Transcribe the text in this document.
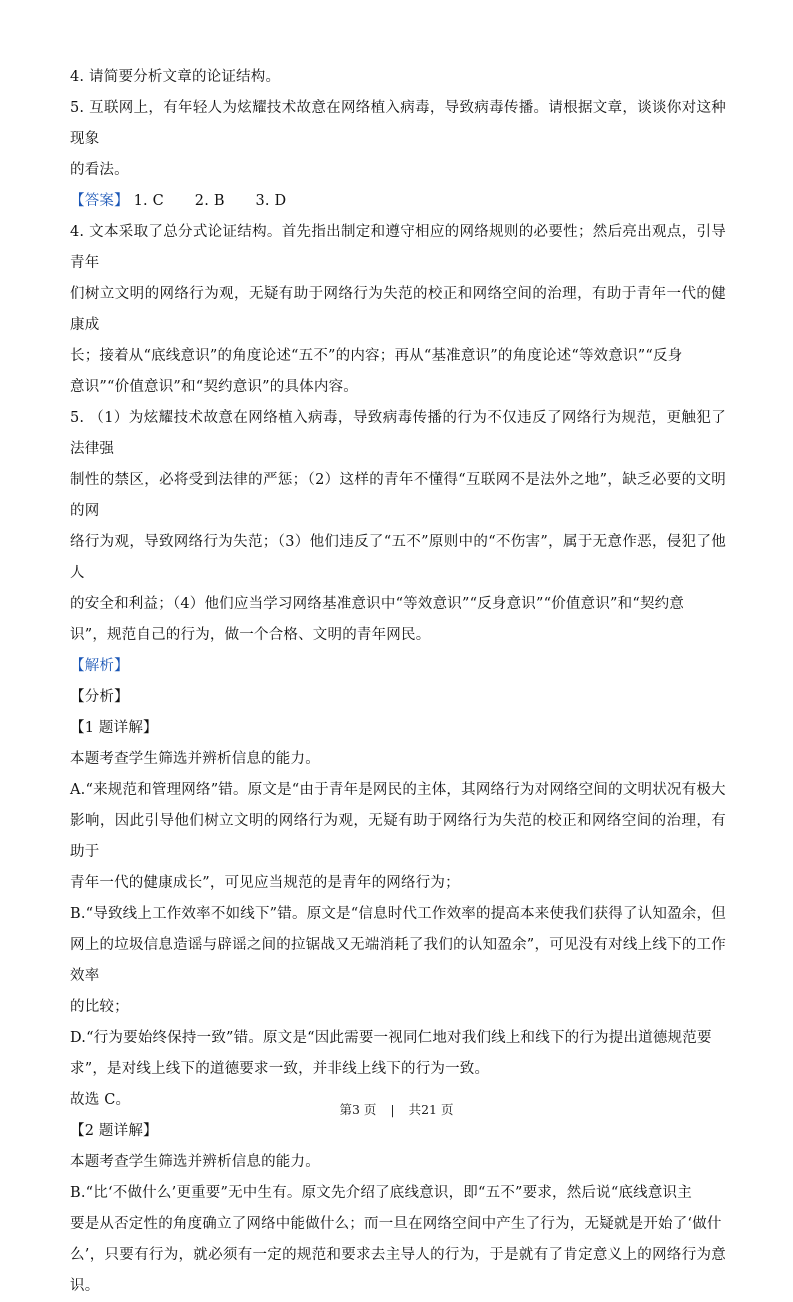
4. 请简要分析文章的论证结构。

5. 互联网上，有年轻人为炫耀技术故意在网络植入病毒，导致病毒传播。请根据文章，谈谈你对这种现象

的看法。

【答案】 1. C 2. B 3. D

4. 文本采取了总分式论证结构。首先指出制定和遵守相应的网络规则的必要性；然后亮出观点，引导青年

们树立文明的网络行为观，无疑有助于网络行为失范的校正和网络空间的治理，有助于青年一代的健康成

长；接着从“底线意识”的角度论述“五不”的内容；再从“基准意识”的角度论述“等效意识”“反身

意识”“价值意识”和“契约意识”的具体内容。

5. （1）为炫耀技术故意在网络植入病毒，导致病毒传播的行为不仅违反了网络行为规范，更触犯了法律强

制性的禁区，必将受到法律的严惩；（2）这样的青年不懂得“互联网不是法外之地”，缺乏必要的文明的网

络行为观，导致网络行为失范；（3）他们违反了“五不”原则中的“不伤害”，属于无意作恶，侵犯了他人

的安全和利益；（4）他们应当学习网络基准意识中“等效意识”“反身意识”“价值意识”和“契约意

识”，规范自己的行为，做一个合格、文明的青年网民。

【解析】

【分析】

【1 题详解】

本题考查学生筛选并辨析信息的能力。

A.“来规范和管理网络”错。原文是“由于青年是网民的主体，其网络行为对网络空间的文明状况有极大

影响，因此引导他们树立文明的网络行为观，无疑有助于网络行为失范的校正和网络空间的治理，有助于

青年一代的健康成长”，可见应当规范的是青年的网络行为；

B.“导致线上工作效率不如线下”错。原文是“信息时代工作效率的提高本来使我们获得了认知盈余，但

网上的垃圾信息造谣与辟谣之间的拉锯战又无端消耗了我们的认知盈余”，可见没有对线上线下的工作效率

的比较；

D.“行为要始终保持一致”错。原文是“因此需要一视同仁地对我们线上和线下的行为提出道德规范要

求”，是对线上线下的道德要求一致，并非线上线下的行为一致。

故选 C。

【2 题详解】

本题考查学生筛选并辨析信息的能力。

B.“比‘不做什么’更重要”无中生有。原文先介绍了底线意识，即“五不”要求，然后说“底线意识主

要是从否定性的角度确立了网络中能做什么；而一旦在网络空间中产生了行为，无疑就是开始了‘做什

么’，只要有行为，就必须有一定的规范和要求去主导人的行为，于是就有了肯定意义上的网络行为意识。

第3 页 | 共21 页
